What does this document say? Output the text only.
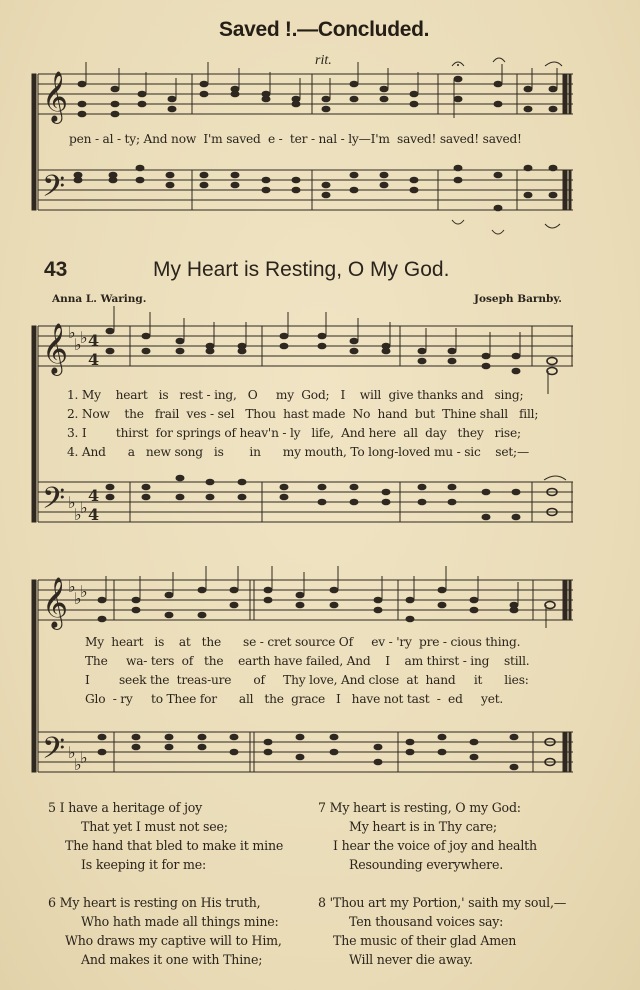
Saved !.—Concluded.
rit.
𝄞
𝄢
𝄞
𝄢
♭
♭
♭ 4
4
♭
♭
♭
4
4
𝄞
𝄢
♭
♭
♭
♭
♭
♭
pen - al - ty; And now  I'm saved  e -  ter - nal - ly—I'm  saved! saved! saved!
43	My Heart is Resting, O My God.
Anna L. Waring.	Joseph Barnby.
1. My    heart   is   rest - ing,   O     my  God;   I    will  give thanks and   sing;
2. Now    the   frail  ves - sel   Thou  hast made  No  hand  but  Thine shall   fill;
3. I        thirst  for springs of heav'n - ly   life,  And here  all  day   they   rise;
4. And      a   new song   is       in      my mouth, To long-loved mu - sic    set;—
My  heart   is    at   the      se - cret source Of     ev - 'ry  pre - cious thing.
The     wa- ters  of   the    earth have failed, And    I    am thirst - ing    still.
I        seek the  treas-ure      of     Thy love, And close  at  hand     it      lies:
Glo  - ry     to Thee for      all   the  grace   I   have not tast  -  ed     yet.
5 I have a heritage of joy
That yet I must not see;
The hand that bled to make it mine
Is keeping it for me:
6 My heart is resting on His truth,
Who hath made all things mine:
Who draws my captive will to Him,
And makes it one with Thine;
7 My heart is resting, O my God:
My heart is in Thy care;
I hear the voice of joy and health
Resounding everywhere.
8 'Thou art my Portion,' saith my soul,—
Ten thousand voices say:
The music of their glad Amen
Will never die away.
